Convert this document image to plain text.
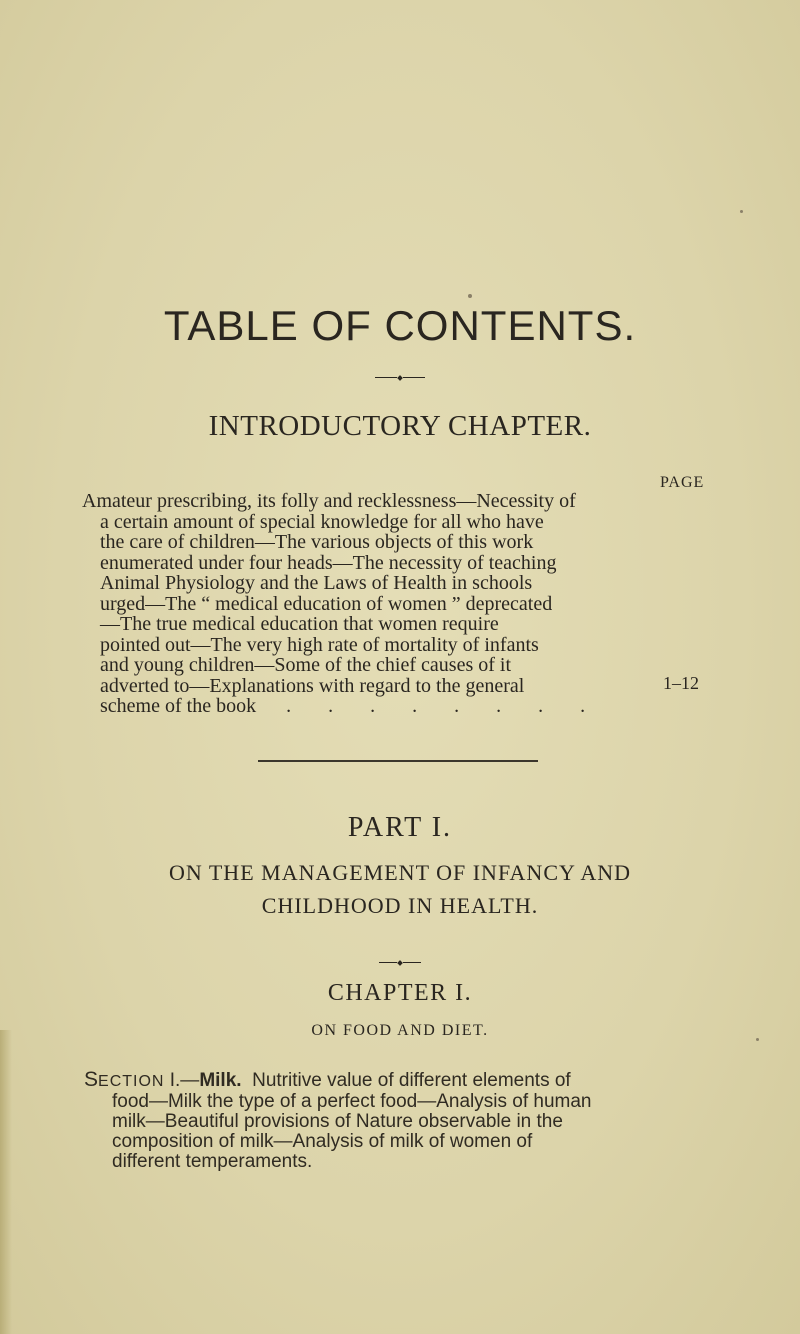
TABLE OF CONTENTS.
INTRODUCTORY CHAPTER.
PAGE
Amateur prescribing, its folly and recklessness—Necessity of
a certain amount of special knowledge for all who have
the care of children—The various objects of this work
enumerated under four heads—The necessity of teaching
Animal Physiology and the Laws of Health in schools
urged—The “ medical education of women ” deprecated
—The true medical education that women require
pointed out—The very high rate of mortality of infants
and young children—Some of the chief causes of it
adverted to—Explanations with regard to the general
scheme of the book . . . . . . . .
1–12
PART I.
ON THE MANAGEMENT OF INFANCY AND
CHILDHOOD IN HEALTH.
CHAPTER I.
ON FOOD AND DIET.
SECTION I.—Milk. Nutritive value of different elements of
food—Milk the type of a perfect food—Analysis of human
milk—Beautiful provisions of Nature observable in the
composition of milk—Analysis of milk of women of
different temperaments.
